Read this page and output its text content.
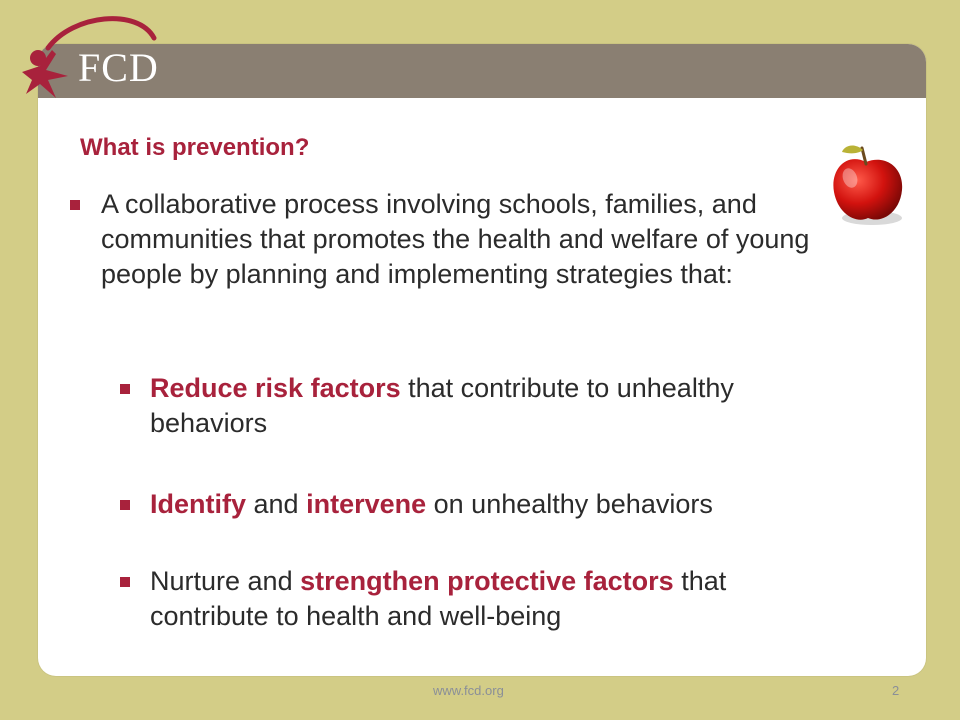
FCD
What is prevention?
A collaborative process involving schools, families, and communities that promotes the health and welfare of young people by planning and implementing strategies that:
Reduce risk factors that contribute to unhealthy behaviors
Identify and intervene on unhealthy behaviors
Nurture and strengthen protective factors that contribute to health and well-being
www.fcd.org	2
